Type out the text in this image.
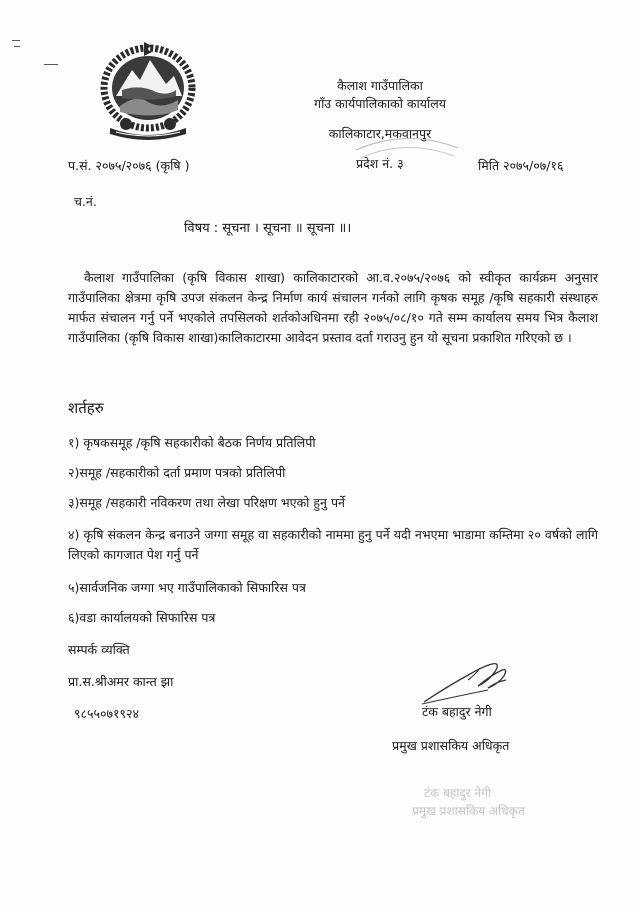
कैलाश गाउँपालिका
गाँउ कार्यपालिकाको कार्यालय
कालिकाटार,मकवानपुर
प.सं. २०७५/२०७६ (कृषि )	प्रदेश नं. ३	मिति २०७५/०७/१६
च.नं.
विषय : सूचना । सूचना ॥ सूचना ॥।
कैलाश गाउँपालिका (कृषि विकास शाखा) कालिकाटारको आ.व.२०७५/२०७६ को स्वीकृत कार्यक्रम अनुसार गाउँपालिका क्षेत्रमा कृषि उपज संकलन केन्द्र निर्माण कार्य संचालन गर्नको लागि कृषक समूह /कृषि सहकारी संस्थाहरु मार्फत संचालन गर्नु पर्ने भएकोले तपसिलको शर्तकोअधिनमा रही २०७५/०८/१० गते सम्म कार्यालय समय भित्र कैलाश गाउँपालिका (कृषि विकास शाखा)कालिकाटारमा आवेदन प्रस्ताव दर्ता गराउनु हुन यो सूचना प्रकाशित गरिएको छ ।
शर्तहरु
१) कृषकसमूह /कृषि सहकारीको बैठक निर्णय प्रतिलिपी
२)समूह /सहकारीको दर्ता प्रमाण पत्रको प्रतिलिपी
३)समूह /सहकारी नविकरण तथा लेखा परिक्षण भएको हुनु पर्ने
४) कृषि संकलन केन्द्र बनाउने जग्गा समूह वा सहकारीको नाममा हुनु पर्ने यदी नभएमा भाडामा कम्तिमा २० वर्षको लागि लिएको कागजात पेश गर्नु पर्ने
५)सार्वजनिक जग्गा भए गाउँपालिकाको सिफारिस पत्र
६)वडा कार्यालयको सिफारिस पत्र
सम्पर्क व्यक्ति
प्रा.स.श्रीअमर कान्त झा
९८५५०७१९२४	टंक बहादुर नेगी
प्रमुख प्रशासकिय अधिकृत
टंक बहादुर नेगी
प्रमुख प्रशासकिय अधिकृत
